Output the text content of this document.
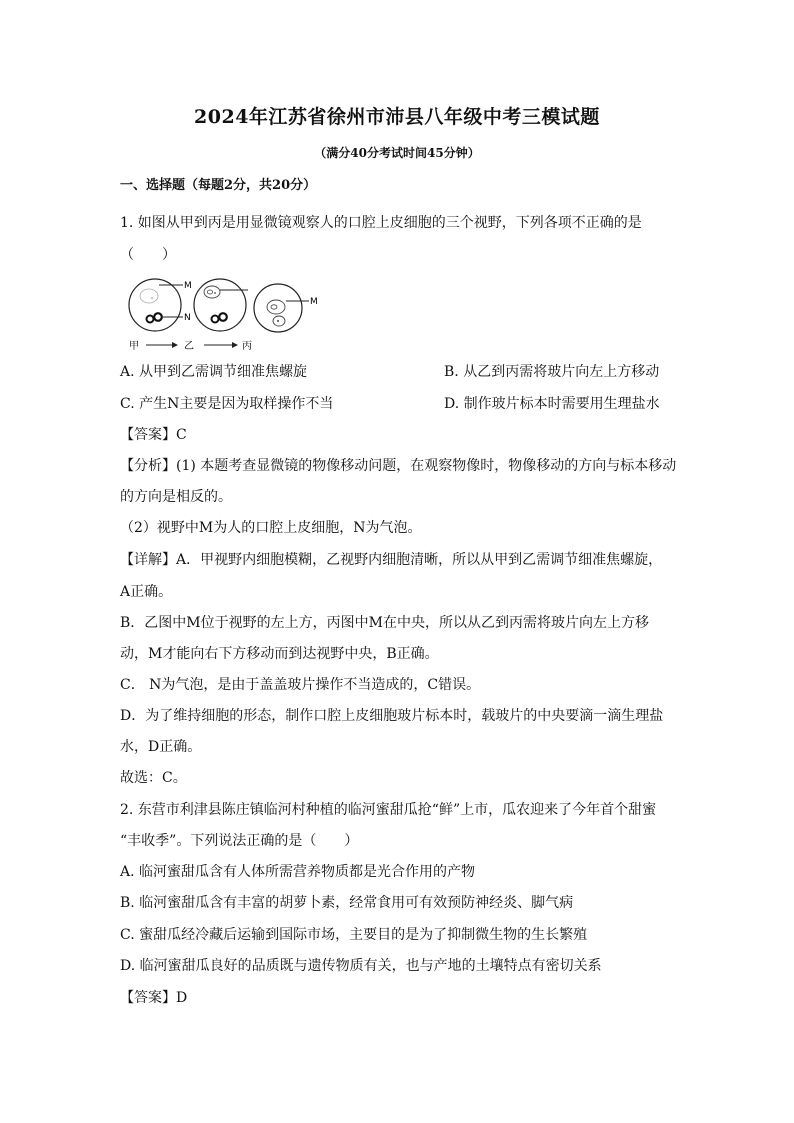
2024年江苏省徐州市沛县八年级中考三模试题
（满分40分考试时间45分钟）
一、选择题（每题2分，共20分）
1. 如图从甲到丙是用显微镜观察人的口腔上皮细胞的三个视野，下列各项不正确的是
（　　）
M
N
M
甲	乙	丙
A. 从甲到乙需调节细准焦螺旋	B. 从乙到丙需将玻片向左上方移动
C. 产生N主要是因为取样操作不当	D. 制作玻片标本时需要用生理盐水
【答案】C
【分析】(1) 本题考查显微镜的物像移动问题，在观察物像时，物像移动的方向与标本移动
的方向是相反的。
（2）视野中M为人的口腔上皮细胞，N为气泡。
【详解】A．甲视野内细胞模糊，乙视野内细胞清晰，所以从甲到乙需调节细准焦螺旋，
A正确。
B．乙图中M位于视野的左上方，丙图中M在中央，所以从乙到丙需将玻片向左上方移
动，M才能向右下方移动而到达视野中央，B正确。
C． N为气泡，是由于盖盖玻片操作不当造成的，C错误。
D．为了维持细胞的形态，制作口腔上皮细胞玻片标本时，载玻片的中央要滴一滴生理盐
水，D正确。
故选：C。
2. 东营市利津县陈庄镇临河村种植的临河蜜甜瓜抢“鲜”上市，瓜农迎来了今年首个甜蜜
“丰收季”。下列说法正确的是（　　）
A. 临河蜜甜瓜含有人体所需营养物质都是光合作用的产物
B. 临河蜜甜瓜含有丰富的胡萝卜素，经常食用可有效预防神经炎、脚气病
C. 蜜甜瓜经冷藏后运输到国际市场，主要目的是为了抑制微生物的生长繁殖
D. 临河蜜甜瓜良好的品质既与遗传物质有关，也与产地的土壤特点有密切关系
【答案】D
